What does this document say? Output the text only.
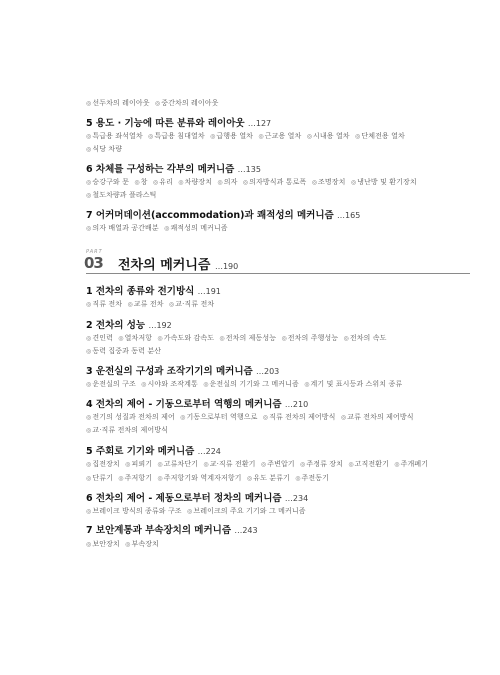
◎ 선두차의 레이아웃 ◎ 중간차의 레이아웃
5 용도 · 기능에 따른 분류와 레이아웃 …127
◎ 특급용 좌석열차 ◎ 특급용 침대열차 ◎ 급행용 열차 ◎ 근교용 열차 ◎ 시내용 열차 ◎ 단체전용 열차
◎ 식당 차량
6 차체를 구성하는 각부의 메커니즘 …135
◎ 승강구와 문 ◎ 창 ◎ 유리 ◎ 차량장치 ◎ 의자 ◎ 의자방식과 통로폭 ◎ 조명장치 ◎ 냉난방 및 환기장치
◎ 철도차량과 플라스틱
7 어커머데이션(accommodation)과 쾌적성의 메커니즘 …165
◎ 의자 배열과 공간배분 ◎ 쾌적성의 메커니즘
PART
03 전차의 메커니즘 …190
1 전차의 종류와 전기방식 …191
◎ 직류 전차 ◎ 교류 전차 ◎ 교·직류 전차
2 전차의 성능 …192
◎ 견인력 ◎ 열차저항 ◎ 가속도와 감속도 ◎ 전차의 제동성능 ◎ 전차의 주행성능 ◎ 전차의 속도
◎ 동력 집중과 동력 분산
3 운전실의 구성과 조작기기의 메커니즘 …203
◎ 운전실의 구조 ◎ 시야와 조작계통 ◎ 운전실의 기기와 그 메커니즘 ◎ 계기 및 표시등과 스위치 종류
4 전차의 제어 - 기동으로부터 역행의 메커니즘 …210
◎ 전기의 성질과 전차의 제어 ◎ 기동으로부터 역행으로 ◎ 직류 전차의 제어방식 ◎ 교류 전차의 제어방식
◎ 교·직류 전차의 제어방식
5 주회로 기기와 메커니즘 …224
◎ 집전장치 ◎ 피뢰기 ◎ 고류차단기 ◎ 교·직류 전환기 ◎ 주변압기 ◎ 주정류 장치 ◎ 고직전환기 ◎ 주개폐기
◎ 단류기 ◎ 주저항기 ◎ 주저항기와 역계자저항기 ◎ 유도 분류기 ◎ 주전동기
6 전차의 제어 - 제동으로부터 정차의 메커니즘 …234
◎ 브레이크 방식의 종류와 구조 ◎ 브레이크의 주요 기기와 그 메커니즘
7 보안계통과 부속장치의 메커니즘 …243
◎ 보안장치 ◎ 부속장치
